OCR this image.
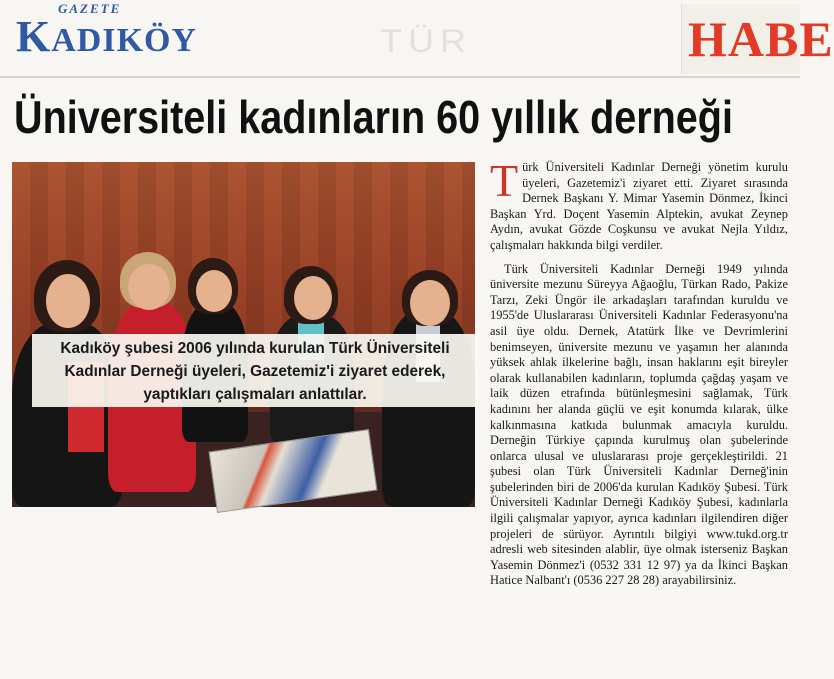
GAZETE
KADIKÖY	TÜR	HABE
Üniversiteli kadınların 60 yıllık derneği
Kadıköy şubesi 2006 yılında kurulan Türk Üniversiteli Kadınlar Derneği üyeleri, Gazetemiz'i ziyaret ederek, yaptıkları çalışmaları anlattılar.

Türk Üniversiteli Kadınlar Derneği yönetim kurulu üyeleri, Gazetemiz'i ziyaret etti. Ziyaret sırasında Dernek Başkanı Y. Mimar Yasemin Dönmez, İkinci Başkan Yrd. Doçent Yasemin Alptekin, avukat Zeynep Aydın, avukat Gözde Coşkunsu ve avukat Nejla Yıldız, çalışmaları hakkında bilgi verdiler.

Türk Üniversiteli Kadınlar Derneği 1949 yılında üniversite mezunu Süreyya Ağaoğlu, Türkan Rado, Pakize Tarzı, Zeki Üngör ile arkadaşları tarafından kuruldu ve 1955'de Uluslararası Üniversiteli Kadınlar Federasyonu'na asil üye oldu. Dernek, Atatürk İlke ve Devrimlerini benimseyen, üniversite mezunu ve yaşamın her alanında yüksek ahlak ilkelerine bağlı, insan haklarını eşit bireyler olarak kullanabilen kadınların, toplumda çağdaş yaşam ve laik düzen etrafında bütünleşmesini sağlamak, Türk kadınını her alanda güçlü ve eşit konumda kılarak, ülke kalkınmasına katkıda bulunmak amacıyla kuruldu. Derneğin Türkiye çapında kurulmuş olan şubelerinde onlarca ulusal ve uluslararası proje gerçekleştirildi. 21 şubesi olan Türk Üniversiteli Kadınlar Derneğ'inin şubelerinden biri de 2006'da kurulan Kadıköy Şubesi. Türk Üniversiteli Kadınlar Derneği Kadıköy Şubesi, kadınlarla ilgili çalışmalar yapıyor, ayrıca kadınları ilgilendiren diğer projeleri de sürüyor. Ayrıntılı bilgiyi www.tukd.org.tr adresli web sitesinden alablir, üye olmak isterseniz Başkan Yasemin Dönmez'i (0532 331 12 97) ya da İkinci Başkan Hatice Nalbant'ı (0536 227 28 28) arayabilirsiniz.
